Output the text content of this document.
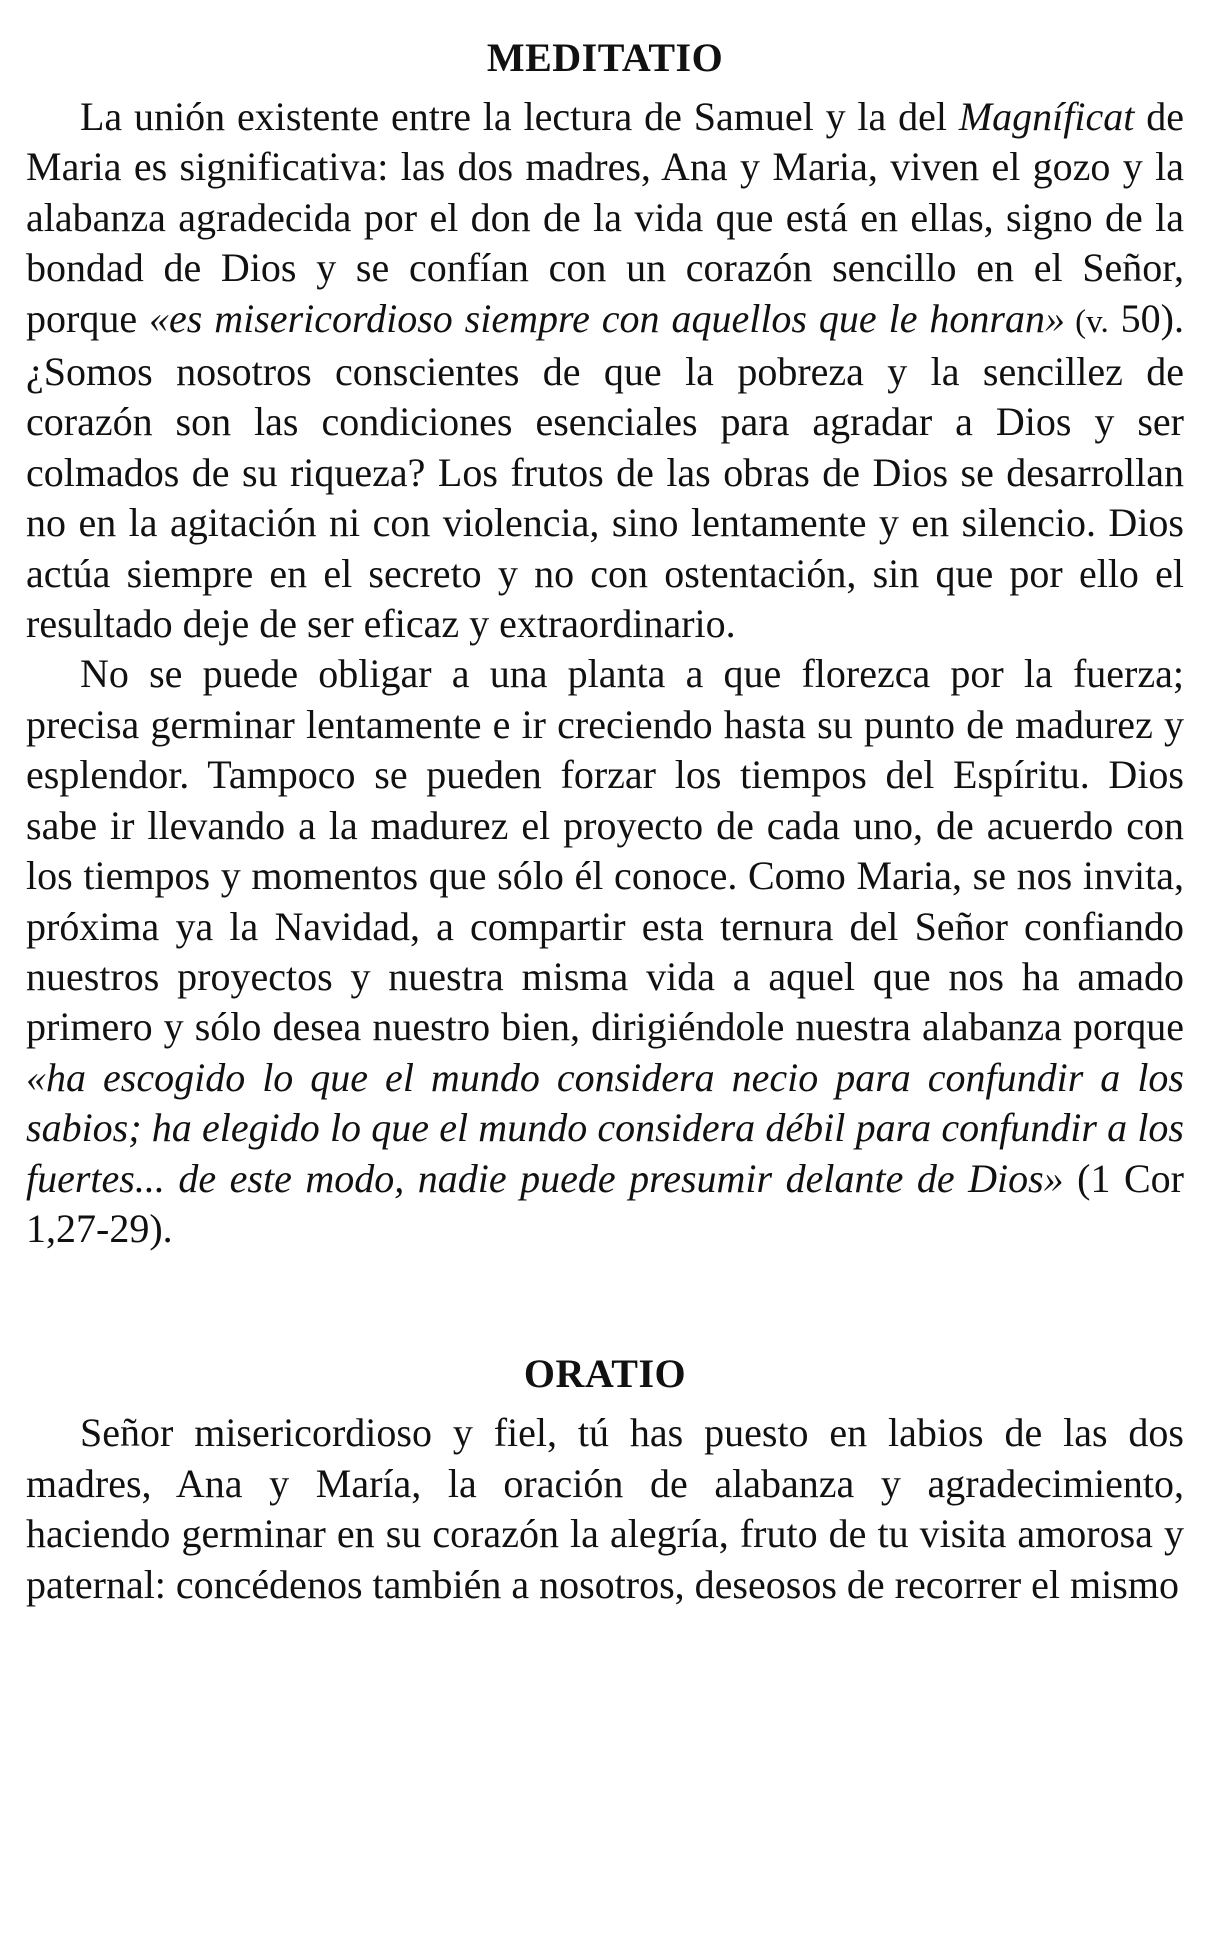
MEDITATIO

La unión existente entre la lectura de Samuel y la del Magníficat de Maria es significativa: las dos madres, Ana y Maria, viven el gozo y la alabanza agradecida por el don de la vida que está en ellas, signo de la bondad de Dios y se confían con un corazón sencillo en el Señor, porque «es misericordioso siempre con aquellos que le honran» (v. 50). ¿Somos nosotros conscientes de que la pobreza y la sencillez de corazón son las condiciones esenciales para agradar a Dios y ser colmados de su riqueza? Los frutos de las obras de Dios se desarrollan no en la agitación ni con violencia, sino lentamente y en silencio. Dios actúa siempre en el secreto y no con ostentación, sin que por ello el resultado deje de ser eficaz y extraordinario.

No se puede obligar a una planta a que florezca por la fuerza; precisa germinar lentamente e ir creciendo hasta su punto de madurez y esplendor. Tampoco se pueden forzar los tiempos del Espíritu. Dios sabe ir llevando a la madurez el proyecto de cada uno, de acuerdo con los tiempos y momentos que sólo él conoce. Como Maria, se nos invita, próxima ya la Navidad, a compartir esta ternura del Señor confiando nuestros proyectos y nuestra misma vida a aquel que nos ha amado primero y sólo desea nuestro bien, dirigiéndole nuestra alabanza porque «ha escogido lo que el mundo considera necio para confundir a los sabios; ha elegido lo que el mundo considera débil para confundir a los fuertes... de este modo, nadie puede presumir delante de Dios» (1 Cor 1,27-29).

ORATIO

Señor misericordioso y fiel, tú has puesto en labios de las dos madres, Ana y María, la oración de alabanza y agradecimiento, haciendo germinar en su corazón la alegría, fruto de tu visita amorosa y paternal: concédenos también a nosotros, deseosos de recorrer el mismo
